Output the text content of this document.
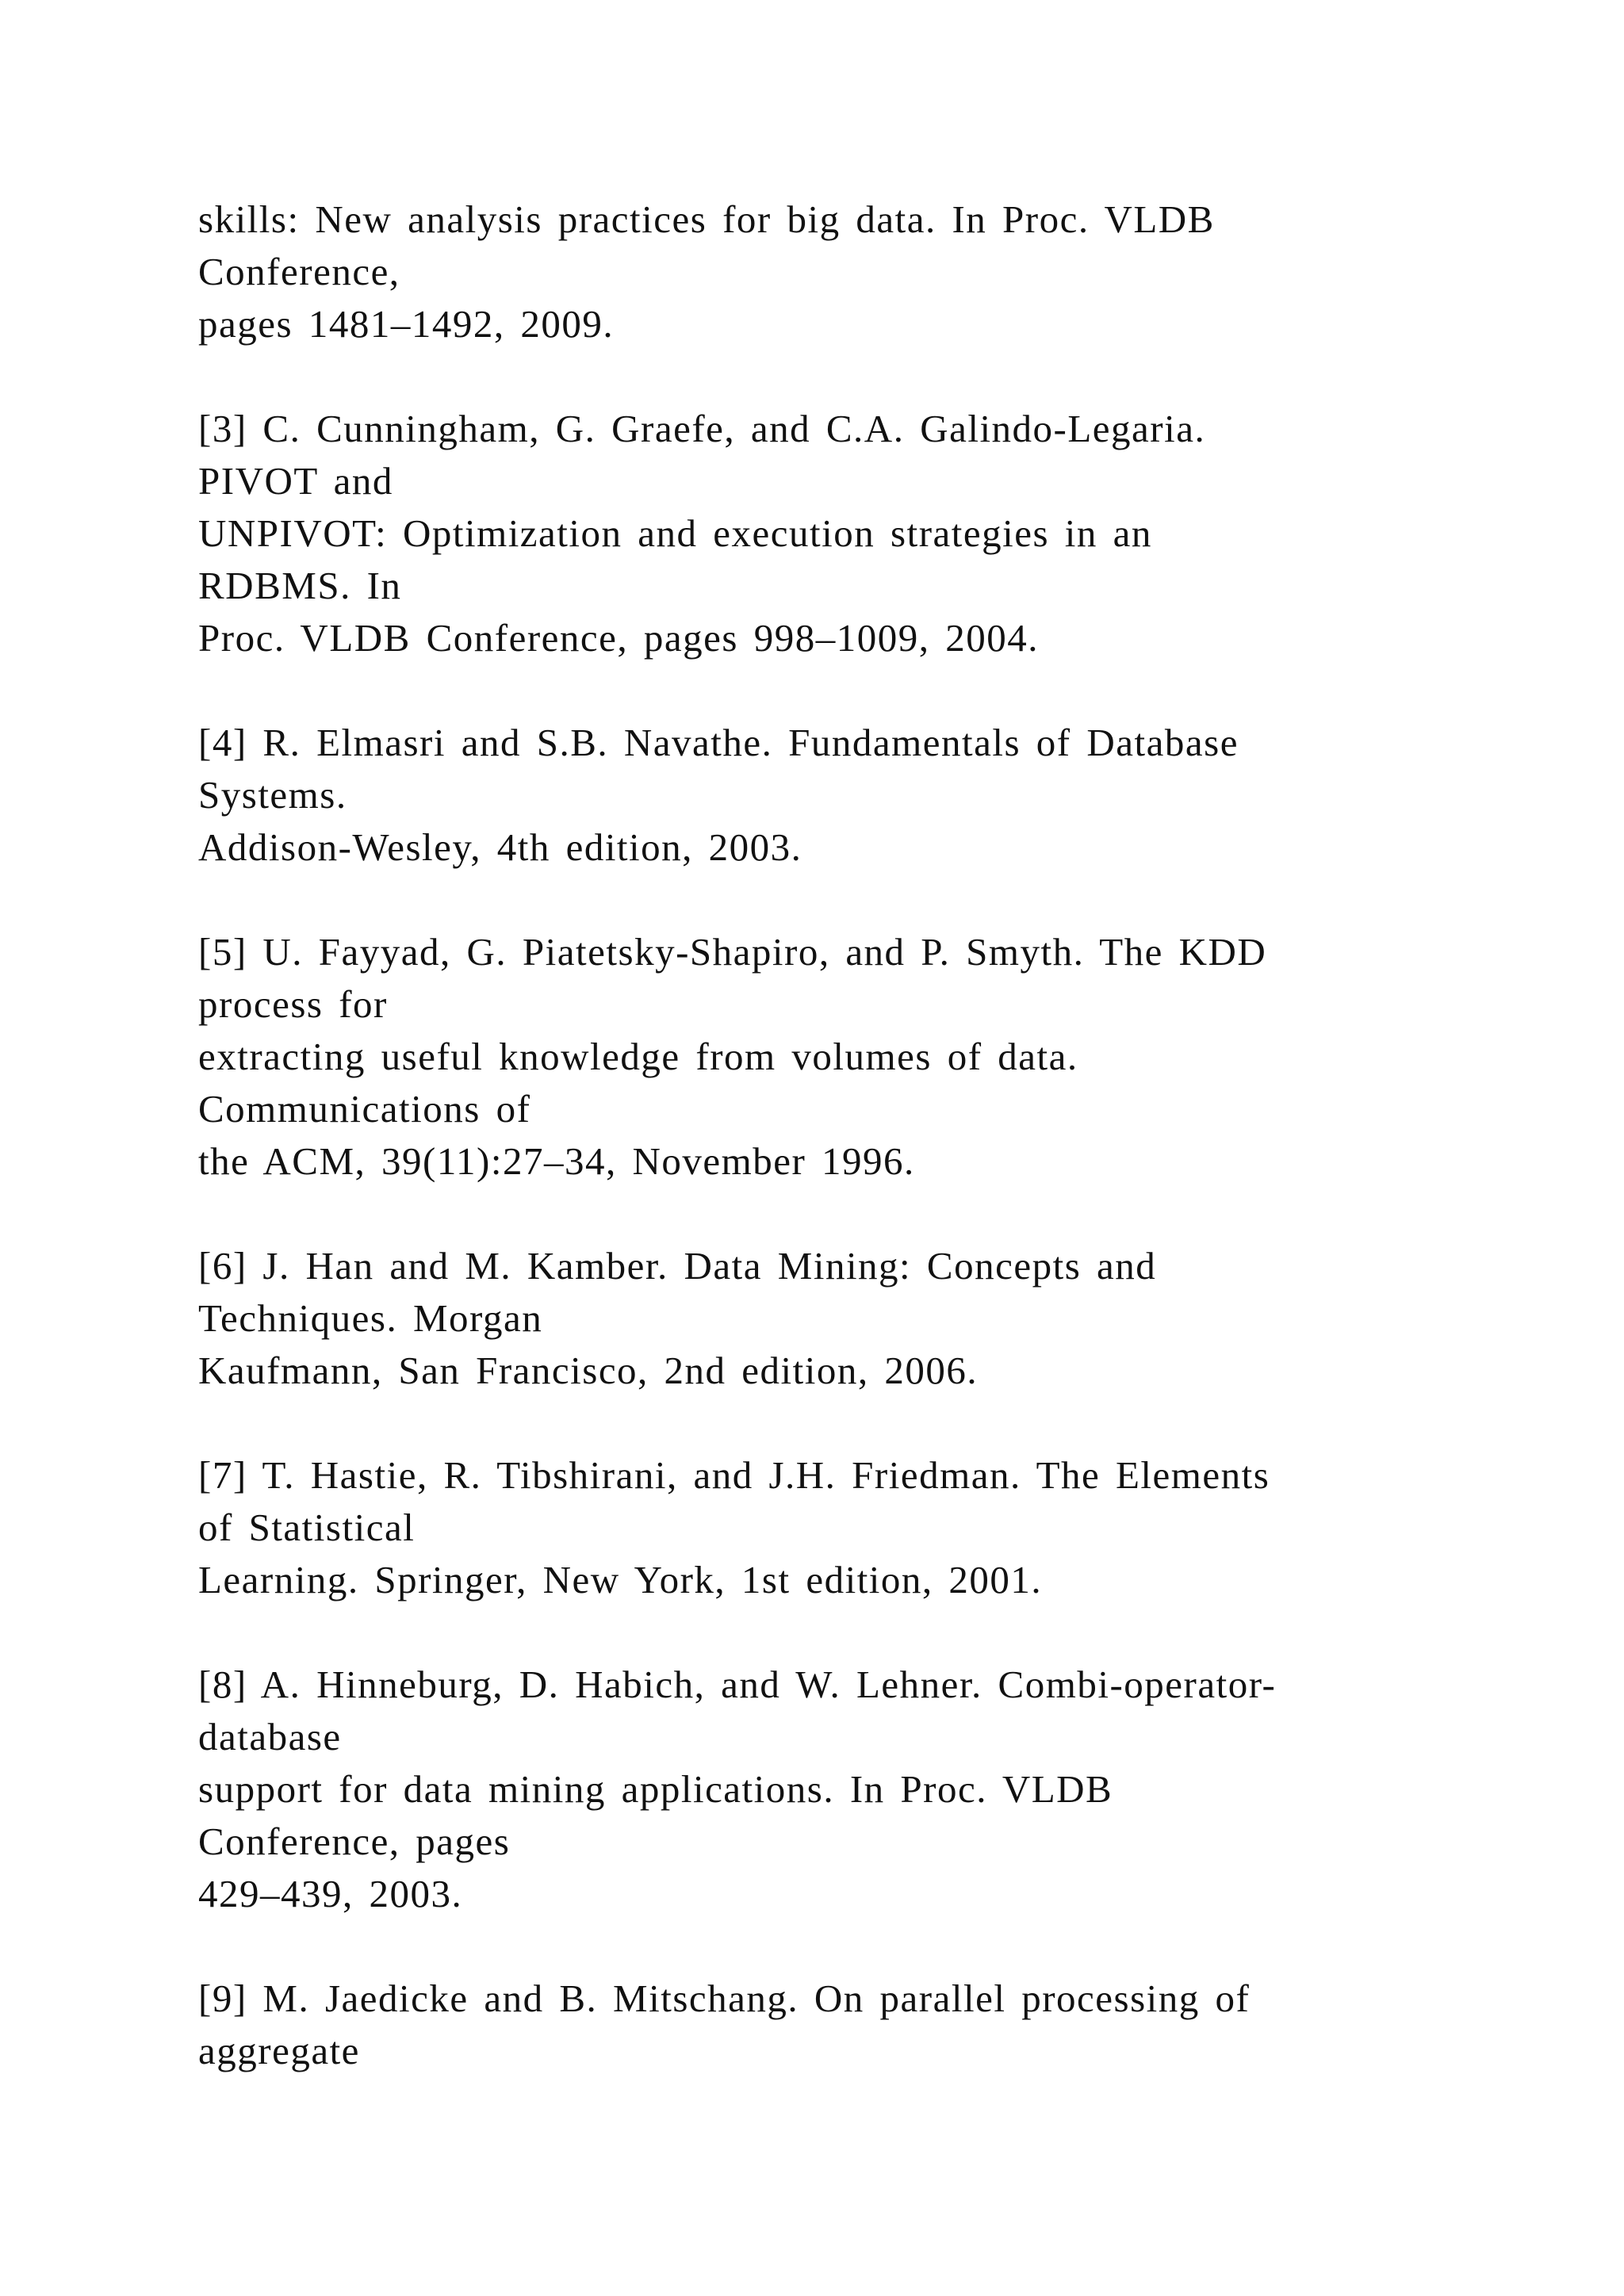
skills: New analysis practices for big data. In Proc. VLDB
Conference,
pages 1481–1492, 2009.
[3] C. Cunningham, G. Graefe, and C.A. Galindo-Legaria.
PIVOT and
UNPIVOT: Optimization and execution strategies in an
RDBMS. In
Proc. VLDB Conference, pages 998–1009, 2004.
[4] R. Elmasri and S.B. Navathe. Fundamentals of Database
Systems.
Addison-Wesley, 4th edition, 2003.
[5] U. Fayyad, G. Piatetsky-Shapiro, and P. Smyth. The KDD
process for
extracting useful knowledge from volumes of data.
Communications of
the ACM, 39(11):27–34, November 1996.
[6] J. Han and M. Kamber. Data Mining: Concepts and
Techniques. Morgan
Kaufmann, San Francisco, 2nd edition, 2006.
[7] T. Hastie, R. Tibshirani, and J.H. Friedman. The Elements
of Statistical
Learning. Springer, New York, 1st edition, 2001.
[8] A. Hinneburg, D. Habich, and W. Lehner. Combi-operator-
database
support for data mining applications. In Proc. VLDB
Conference, pages
429–439, 2003.
[9] M. Jaedicke and B. Mitschang. On parallel processing of
aggregate
